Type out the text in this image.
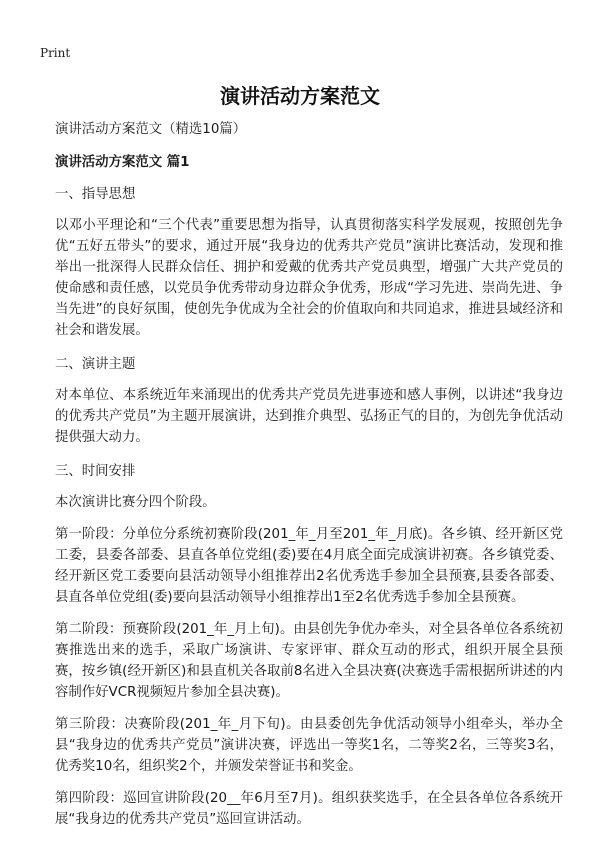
Print
演讲活动方案范文

演讲活动方案范文（精选10篇）

演讲活动方案范文 篇1

一、指导思想

以邓小平理论和“三个代表”重要思想为指导，认真贯彻落实科学发展观，按照创先争优“五好五带头”的要求，通过开展“我身边的优秀共产党员”演讲比赛活动，发现和推举出一批深得人民群众信任、拥护和爱戴的优秀共产党员典型，增强广大共产党员的使命感和责任感，以党员争优秀带动身边群众争优秀，形成“学习先进、崇尚先进、争当先进”的良好氛围，使创先争优成为全社会的价值取向和共同追求，推进县域经济和社会和谐发展。

二、演讲主题

对本单位、本系统近年来涌现出的优秀共产党员先进事迹和感人事例，以讲述“我身边的优秀共产党员”为主题开展演讲，达到推介典型、弘扬正气的目的，为创先争优活动提供强大动力。

三、时间安排

本次演讲比赛分四个阶段。

第一阶段：分单位分系统初赛阶段(201_年_月至201_年_月底)。各乡镇、经开新区党工委，县委各部委、县直各单位党组(委)要在4月底全面完成演讲初赛。各乡镇党委、经开新区党工委要向县活动领导小组推荐出2名优秀选手参加全县预赛,县委各部委、县直各单位党组(委)要向县活动领导小组推荐出1至2名优秀选手参加全县预赛。

第二阶段：预赛阶段(201_年_月上旬)。由县创先争优办牵头，对全县各单位各系统初赛推选出来的选手，采取广场演讲、专家评审、群众互动的形式，组织开展全县预赛，按乡镇(经开新区)和县直机关各取前8名进入全县决赛(决赛选手需根据所讲述的内容制作好VCR视频短片参加全县决赛)。

第三阶段：决赛阶段(201_年_月下旬)。由县委创先争优活动领导小组牵头，举办全县“我身边的优秀共产党员”演讲决赛，评选出一等奖1名，二等奖2名，三等奖3名，优秀奖10名，组织奖2个，并颁发荣誉证书和奖金。

第四阶段：巡回宣讲阶段(20__年6月至7月)。组织获奖选手，在全县各单位各系统开展“我身边的优秀共产党员”巡回宣讲活动。
